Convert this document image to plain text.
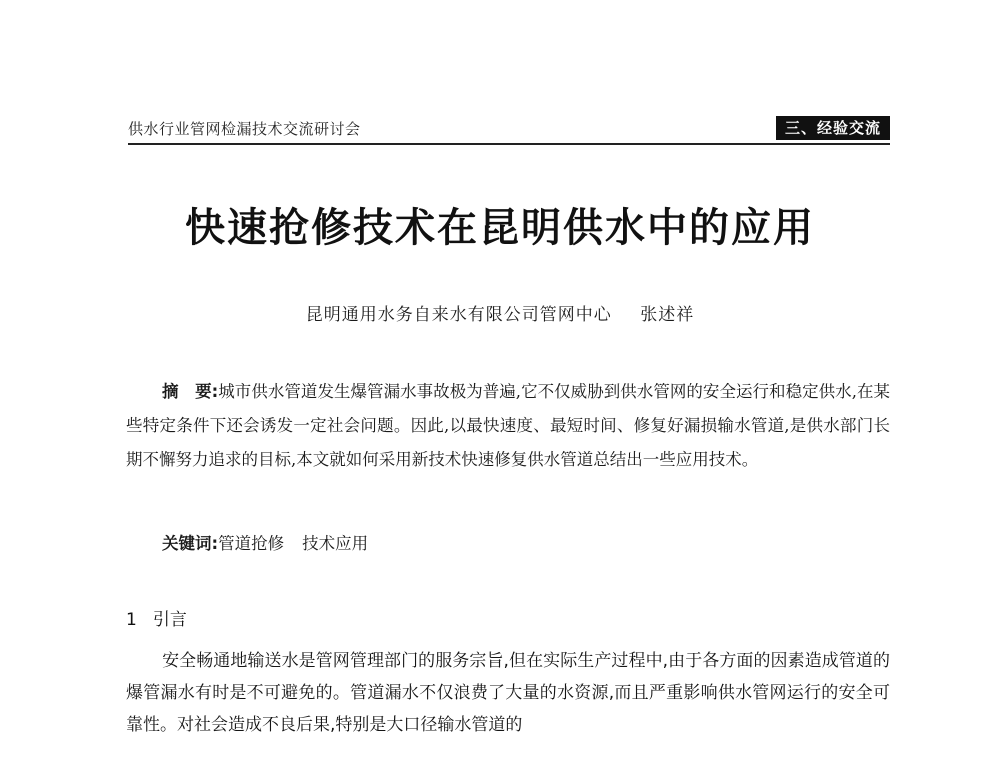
供水行业管网检漏技术交流研讨会	三、经验交流
快速抢修技术在昆明供水中的应用
昆明通用水务自来水有限公司管网中心 张述祥

摘　要:城市供水管道发生爆管漏水事故极为普遍,它不仅威胁到供水管网的安全运行和稳定供水,在某些特定条件下还会诱发一定社会问题。因此,以最快速度、最短时间、修复好漏损输水管道,是供水部门长期不懈努力追求的目标,本文就如何采用新技术快速修复供水管道总结出一些应用技术。

关键词:管道抢修 技术应用
1 引言

安全畅通地输送水是管网管理部门的服务宗旨,但在实际生产过程中,由于各方面的因素造成管道的爆管漏水有时是不可避免的。管道漏水不仅浪费了大量的水资源,而且严重影响供水管网运行的安全可靠性。对社会造成不良后果,特别是大口径输水管道的
